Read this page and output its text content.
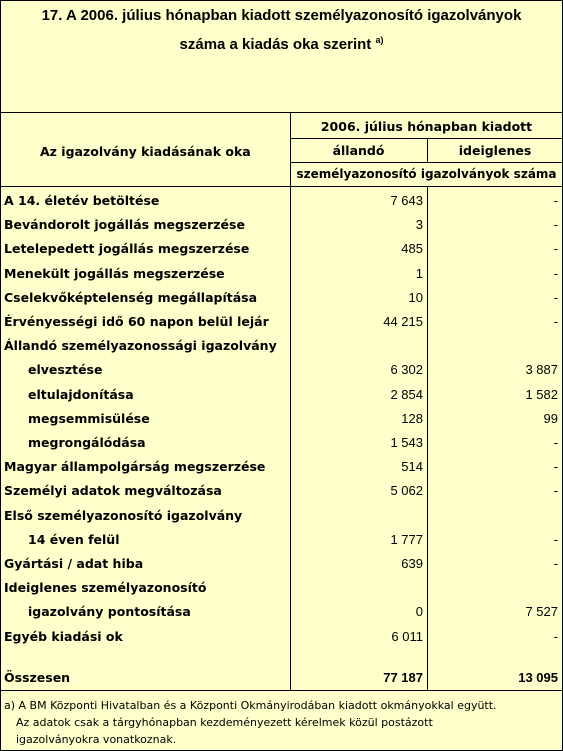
17. A 2006. július hónapban kiadott személyazonosító igazolványok
száma a kiadás oka szerint $^{a)}$
Az igazolvány kiadásának oka
2006. július hónapban kiadott
állandó	ideiglenes
személyazonosító igazolványok száma
A 14. életév betöltése	7 643	-
Bevándorolt jogállás megszerzése	3	-
Letelepedett jogállás megszerzése	485	-
Menekült jogállás megszerzése	1	-
Cselekvőképtelenség megállapítása	10	-
Érvényességi idő 60 napon belül lejár	44 215	-
Állandó személyazonossági igazolvány
elvesztése	6 302	3 887
eltulajdonítása	2 854	1 582
megsemmisülése	128	99
megrongálódása	1 543	-
Magyar állampolgárság megszerzése	514	-
Személyi adatok megváltozása	5 062	-
Első személyazonosító igazolvány
14 éven felül	1 777	-
Gyártási / adat hiba	639	-
Ideiglenes személyazonosító
igazolvány pontosítása	0	7 527
Egyéb kiadási ok	6 011	-
Összesen	77 187	13 095
a) A BM Központi Hivatalban és a Központi Okmányirodában kiadott okmányokkal együtt.
Az adatok csak a tárgyhónapban kezdeményezett kérelmek közül postázott
igazolványokra vonatkoznak.
